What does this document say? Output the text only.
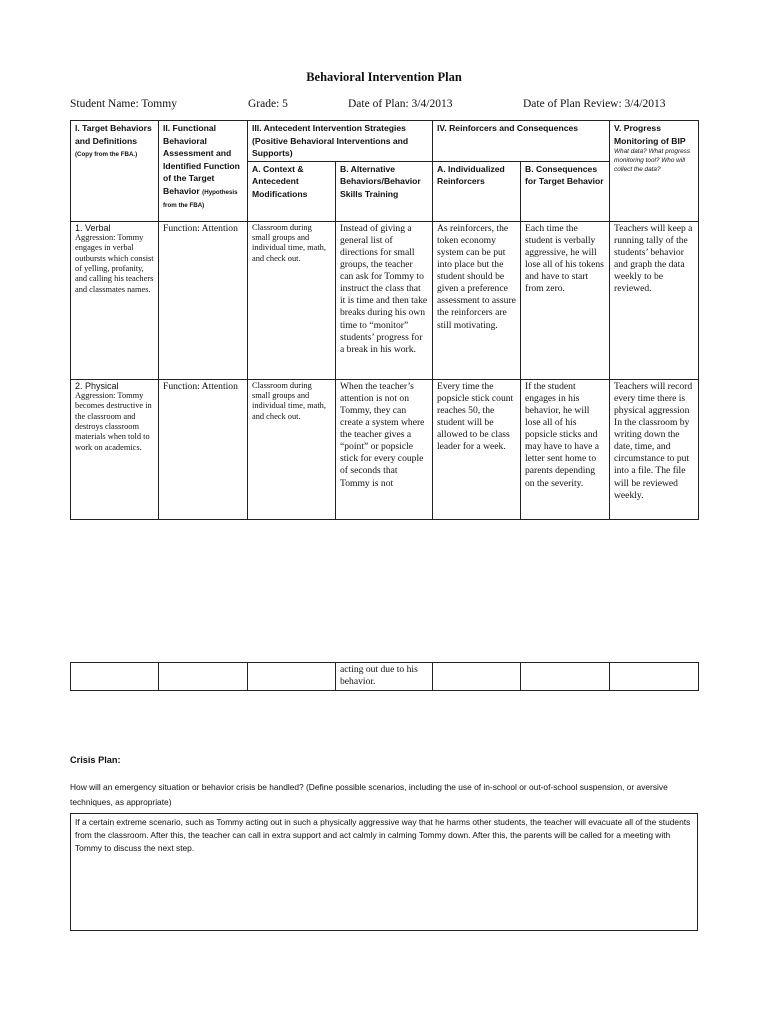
Behavioral Intervention Plan
Student Name: Tommy	Grade: 5	Date of Plan: 3/4/2013	Date of Plan Review: 3/4/2013
I. Target Behaviors and Definitions (Copy from the FBA.)	II. Functional Behavioral Assessment and Identified Function of the Target Behavior (Hypothesis from the FBA)	III. Antecedent Intervention Strategies (Positive Behavioral Interventions and Supports)		IV. Reinforcers and Consequences		V. Progress Monitoring of BIP
What data? What progress monitoring tool? Who will collect the data?

		A. Context & Antecedent Modifications	B. Alternative Behaviors/Behavior Skills Training	A. Individualized Reinforcers	B. Consequences for Target Behavior	

1. Verbal
Aggression: Tommy engages in verbal outbursts which consist of yelling, profanity, and calling his teachers and classmates names.	Function: Attention	Classroom during small groups and individual time, math, and check out.	Instead of giving a general list of directions for small groups, the teacher can ask for Tommy to instruct the class that it is time and then take breaks during his own time to “monitor” students’ progress for a break in his work.	As reinforcers, the token economy system can be put into place but the student should be given a preference assessment to assure the reinforcers are still motivating.	Each time the student is verbally aggressive, he will lose all of his tokens and have to start from zero.	Teachers will keep a running tally of the students’ behavior and graph the data weekly to be reviewed.

2. Physical
Aggression: Tommy becomes destructive in the classroom and destroys classroom materials when told to work on academics.	Function: Attention	Classroom during small groups and individual time, math, and check out.	When the teacher’s attention is not on Tommy, they can create a system where the teacher gives a “point” or popsicle stick for every couple of seconds that Tommy is not	Every time the popsicle stick count reaches 50, the student will be allowed to be class leader for a week.	If the student engages in his behavior, he will lose all of his popsicle sticks and may have to have a letter sent home to parents depending on the severity.	Teachers will record every time there is physical aggression In the classroom by writing down the date, time, and circumstance to put into a file. The file will be reviewed weekly.
			acting out due to his behavior.			
Crisis Plan:
How will an emergency situation or behavior crisis be handled? (Define possible scenarios, including the use of in-school or out-of-school suspension, or aversive techniques, as appropriate)
If a certain extreme scenario, such as Tommy acting out in such a physically aggressive way that he harms other students, the teacher will evacuate all of the students from the classroom. After this, the teacher can call in extra support and act calmly in calming Tommy down. After this, the parents will be called for a meeting with Tommy to discuss the next step.
